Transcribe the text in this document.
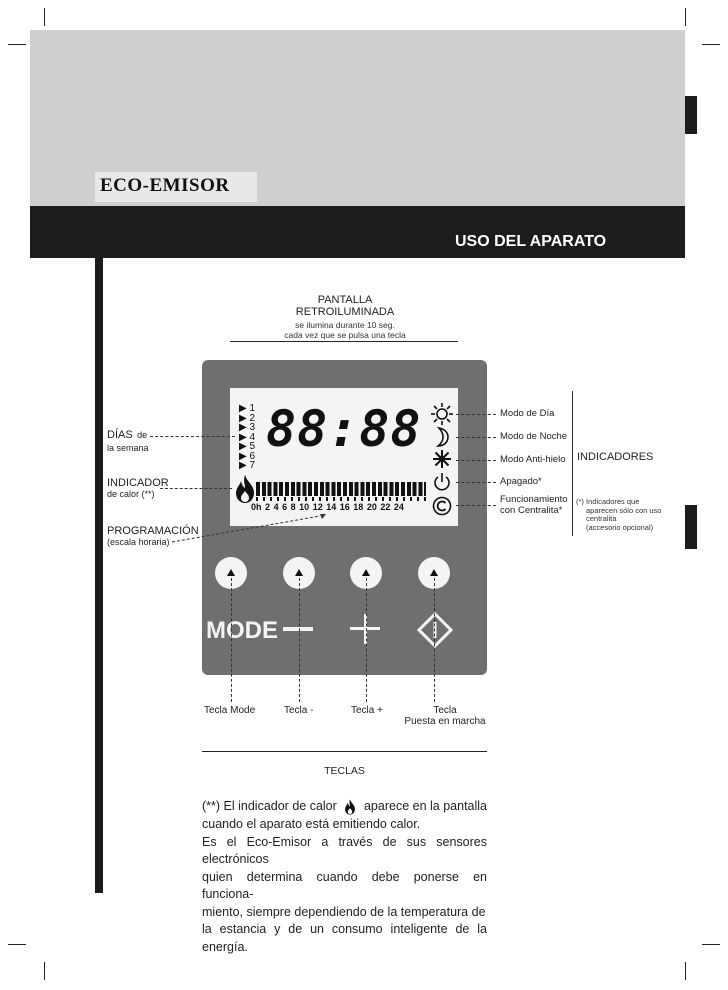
ECO-EMISOR
USO DEL APARATO
PANTALLA
RETROILUMINADA
se ilumina durante 10 seg.
cada vez que se pulsa una tecla
▶ 1
▶ 2
▶ 3
▶ 4
▶ 5
▶ 6
▶ 7
88:88
0h 2 4 6 8 10 12 14 16 18 20 22 24
DÍAS de
la semana
INDICADOR
de calor (**)
PROGRAMACIÓN
(escala horaria)
Modo de Día
Modo de Noche
Modo Anti-hielo
Apagado*
Funcionamiento
con Centralita*
INDICADORES
(*) Indicadores que
aparecen sólo con uso
centralita
(accesorio opcional)
MODE
Tecla Mode	Tecla -	Tecla +	Tecla
Puesta en marcha
TECLAS
(**) El indicador de calor aparece en la pantalla
cuando el aparato está emitiendo calor.
Es el Eco-Emisor a través de sus sensores electrónicos
quien determina cuando debe ponerse en funciona-
miento, siempre dependiendo de la temperatura de
la estancia y de un consumo inteligente de la energía.
